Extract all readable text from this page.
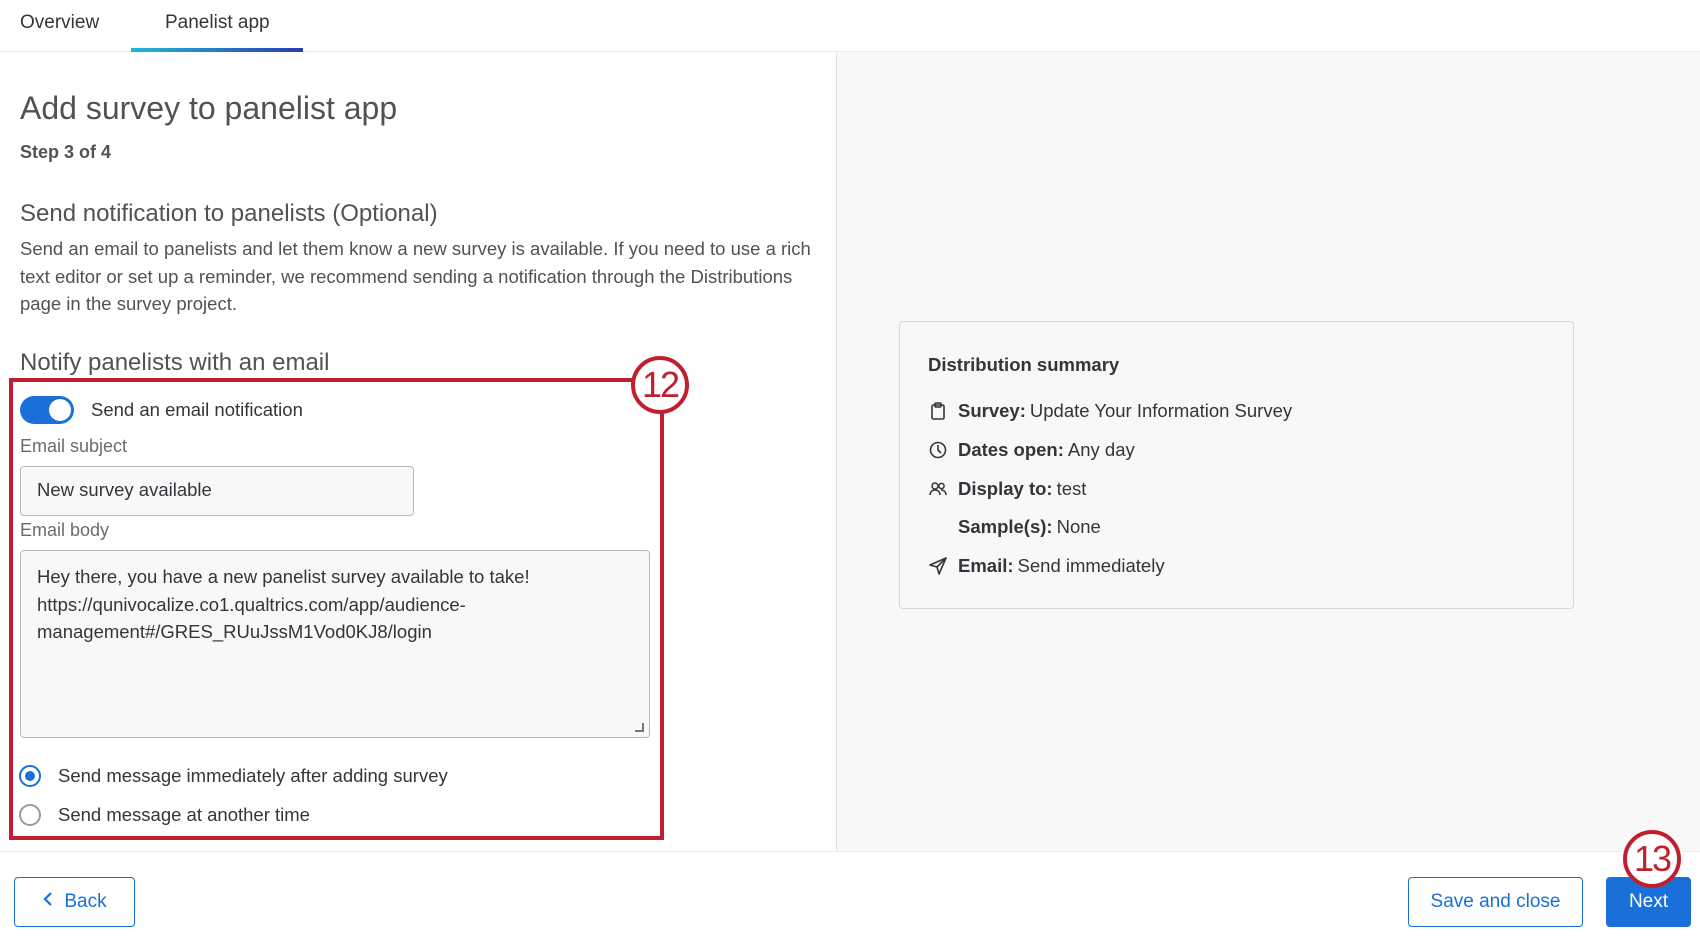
Overview	Panelist app
Add survey to panelist app
Step 3 of 4
Send notification to panelists (Optional)
Send an email to panelists and let them know a new survey is available. If you need to use a rich text editor or set up a reminder, we recommend sending a notification through the Distributions page in the survey project.
Notify panelists with an email
Send an email notification
Email subject
New survey available
Email body
Hey there, you have a new panelist survey available to take!
https://qunivocalize.co1.qualtrics.com/app/audience-
management#/GRES_RUuJssM1Vod0KJ8/login
Send message immediately after adding survey
Send message at another time
12	Distribution summary
Survey: Update Your Information Survey
Dates open: Any day
Display to: test
Sample(s): None
Email: Send immediately
Back	Save and close	Next
13
